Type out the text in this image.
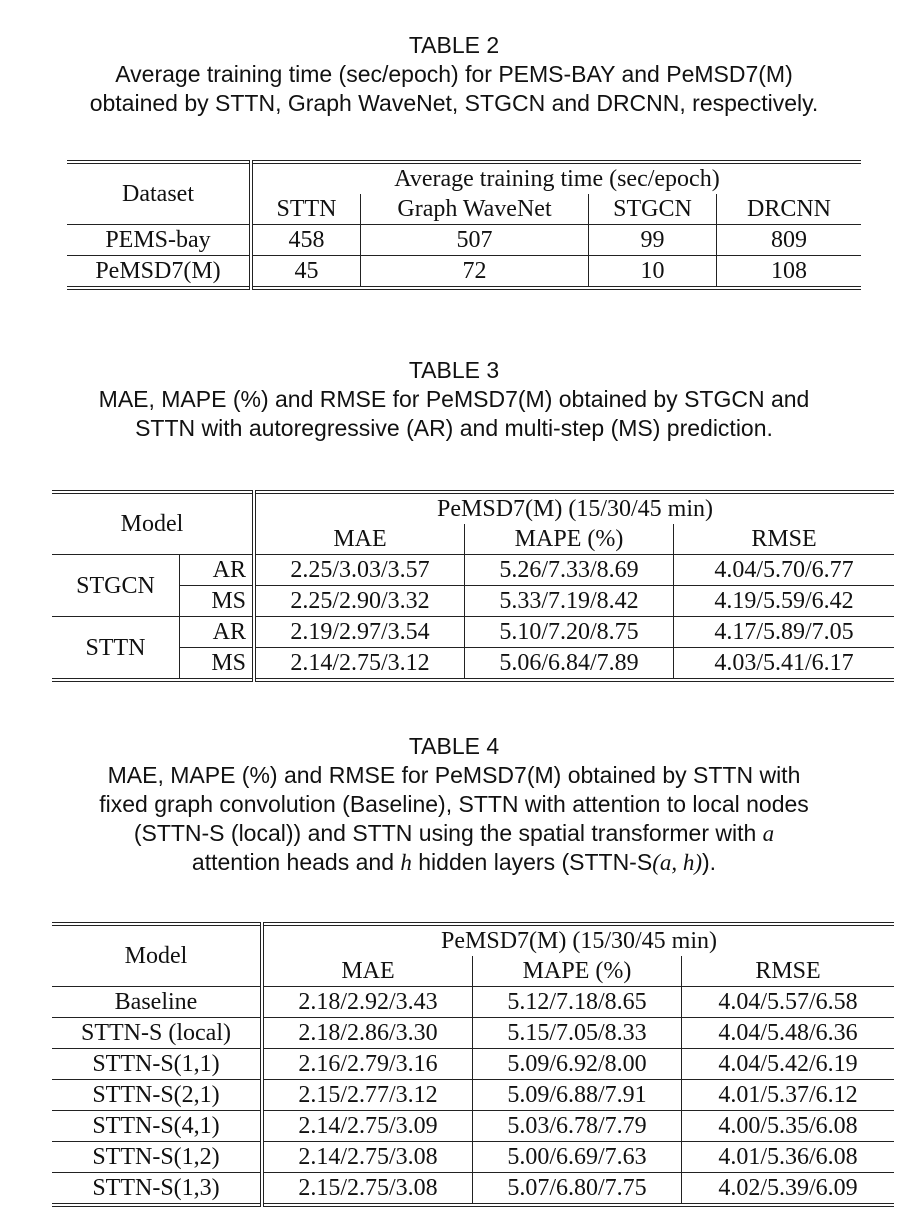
TABLE 2
Average training time (sec/epoch) for PEMS-BAY and PeMSD7(M)
obtained by STTN, Graph WaveNet, STGCN and DRCNN, respectively.
Dataset	Average training time (sec/epoch)			
	STTN	Graph WaveNet	STGCN	DRCNN
PEMS-bay	458	507	99	809
PeMSD7(M)	45	72	10	108
TABLE 3
MAE, MAPE (%) and RMSE for PeMSD7(M) obtained by STGCN and
STTN with autoregressive (AR) and multi-step (MS) prediction.
Model		PeMSD7(M) (15/30/45 min)		
		MAE	MAPE (%)	RMSE
STGCN	AR	2.25/3.03/3.57	5.26/7.33/8.69	4.04/5.70/6.77
	MS	2.25/2.90/3.32	5.33/7.19/8.42	4.19/5.59/6.42
STTN	AR	2.19/2.97/3.54	5.10/7.20/8.75	4.17/5.89/7.05
	MS	2.14/2.75/3.12	5.06/6.84/7.89	4.03/5.41/6.17
TABLE 4
MAE, MAPE (%) and RMSE for PeMSD7(M) obtained by STTN with
fixed graph convolution (Baseline), STTN with attention to local nodes
(STTN-S (local)) and STTN using the spatial transformer with a
attention heads and h hidden layers (STTN-S(a, h)).
Model	PeMSD7(M) (15/30/45 min)		
	MAE	MAPE (%)	RMSE
Baseline	2.18/2.92/3.43	5.12/7.18/8.65	4.04/5.57/6.58
STTN-S (local)	2.18/2.86/3.30	5.15/7.05/8.33	4.04/5.48/6.36
STTN-S(1,1)	2.16/2.79/3.16	5.09/6.92/8.00	4.04/5.42/6.19
STTN-S(2,1)	2.15/2.77/3.12	5.09/6.88/7.91	4.01/5.37/6.12
STTN-S(4,1)	2.14/2.75/3.09	5.03/6.78/7.79	4.00/5.35/6.08
STTN-S(1,2)	2.14/2.75/3.08	5.00/6.69/7.63	4.01/5.36/6.08
STTN-S(1,3)	2.15/2.75/3.08	5.07/6.80/7.75	4.02/5.39/6.09
